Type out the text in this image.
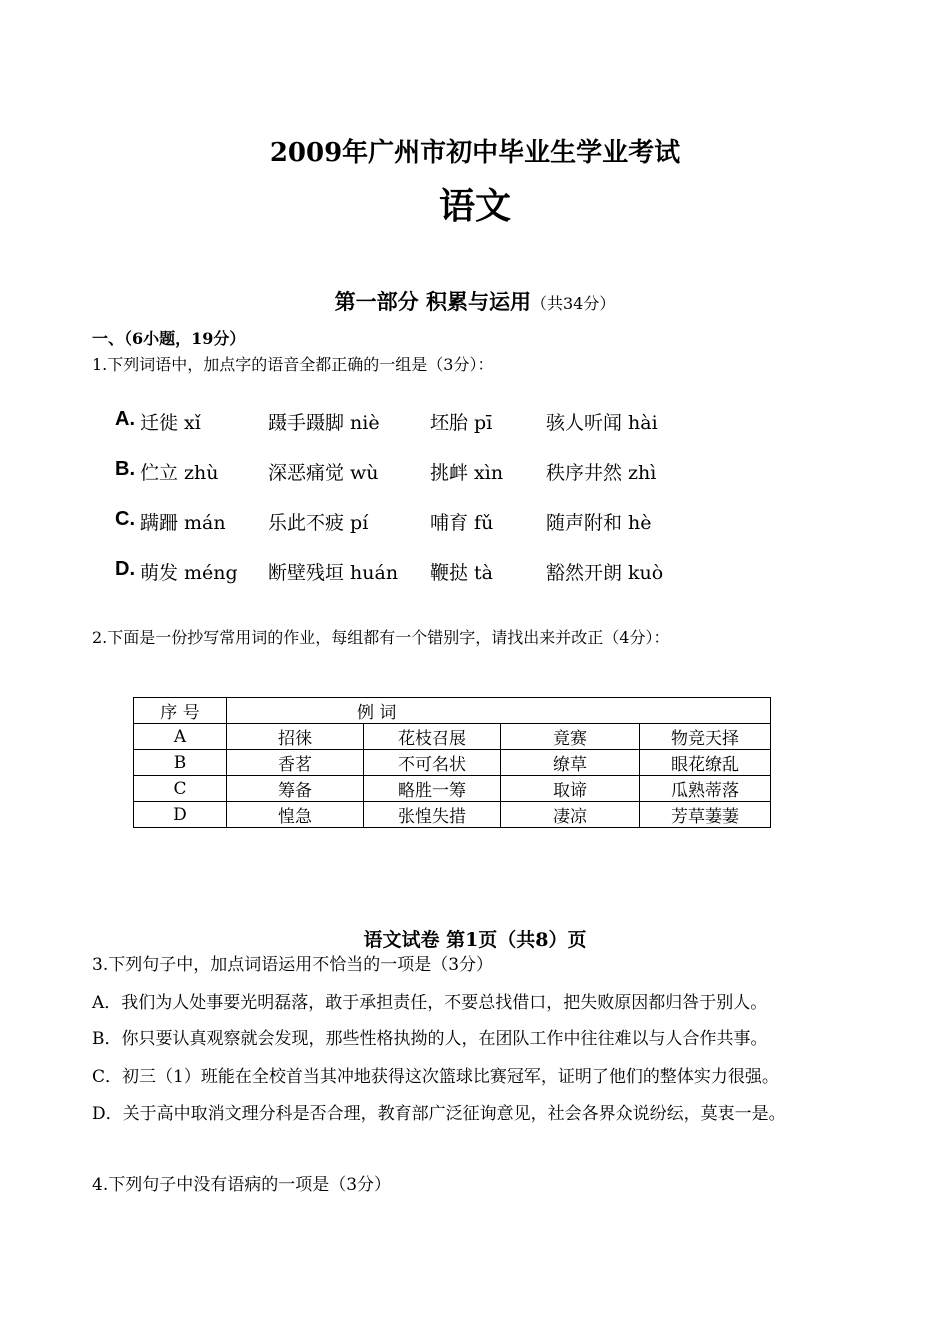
2009年广州市初中毕业生学业考试
语文
第一部分 积累与运用（共34分）
一、（6小题，19分）
1.下列词语中，加点字的语音全都正确的一组是（3分）：
A. 迁徙 xǐ	蹑手蹑脚 niè	坯胎 pī	骇人听闻 hài
B. 伫立 zhù	深恶痛觉 wù	挑衅 xìn 秩序井然 zhì
C. 蹒跚 mán 乐此不疲 pí	哺育 fǔ	随声附和 hè
D. 萌发 méng 断壁残垣 huán 鞭挞 tà	豁然开朗 kuò
2.下面是一份抄写常用词的作业，每组都有一个错别字，请找出来并改正（4分）：
序 号	例 词			
A	招徕	花枝召展	竟赛	物竞天择
B	香茗	不可名状	缭草	眼花缭乱
C	筹备	略胜一筹	取谛	瓜熟蒂落
D	惶急	张惶失措	凄凉	芳草萋萋
语文试卷 第1页（共8）页
3.下列句子中，加点词语运用不恰当的一项是（3分）
A．我们为人处事要光明磊落，敢于承担责任，不要总找借口，把失败原因都归咎于别人。
B．你只要认真观察就会发现，那些性格执拗的人，在团队工作中往往难以与人合作共事。
C．初三（1）班能在全校首当其冲地获得这次篮球比赛冠军，证明了他们的整体实力很强。
D．关于高中取消文理分科是否合理，教育部广泛征询意见，社会各界众说纷纭，莫衷一是。
4.下列句子中没有语病的一项是（3分）
